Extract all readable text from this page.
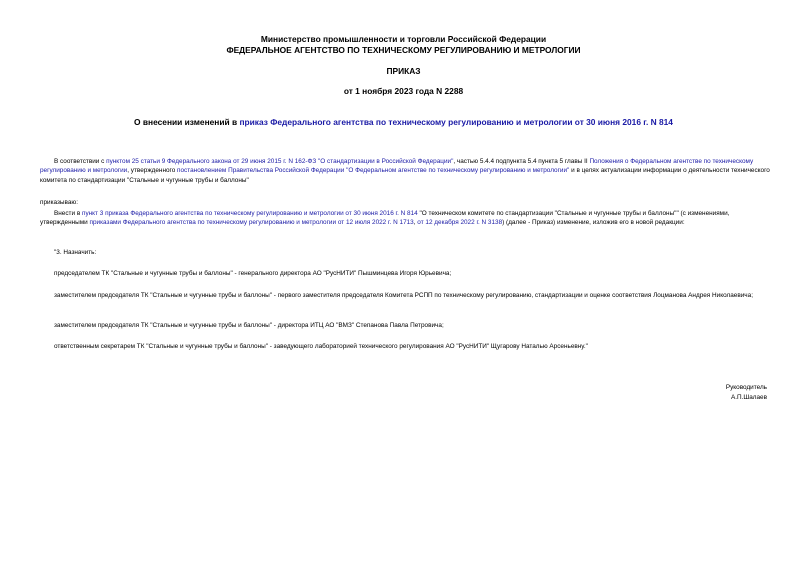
Министерство промышленности и торговли Российской Федерации
ФЕДЕРАЛЬНОЕ АГЕНТСТВО ПО ТЕХНИЧЕСКОМУ РЕГУЛИРОВАНИЮ И МЕТРОЛОГИИ
ПРИКАЗ
от 1 ноября 2023 года N 2288
О внесении изменений в приказ Федерального агентства по техническому регулированию и метрологии от 30 июня 2016 г. N 814
В соответствии с пунктом 25 статьи 9 Федерального закона от 29 июня 2015 г. N 162-ФЗ "О стандартизации в Российской Федерации", частью 5.4.4 подпункта 5.4 пункта 5 главы II Положения о Федеральном агентстве по техническому регулированию и метрологии, утвержденного постановлением Правительства Российской Федерации "О Федеральном агентстве по техническому регулированию и метрологии" и в целях актуализации информации о деятельности технического комитета по стандартизации "Стальные и чугунные трубы и баллоны"
приказываю:
Внести в пункт 3 приказа Федерального агентства по техническому регулированию и метрологии от 30 июня 2016 г. N 814 "О техническом комитете по стандартизации "Стальные и чугунные трубы и баллоны"" (с изменениями, утвержденными приказами Федерального агентства по техническому регулированию и метрологии от 12 июля 2022 г. N 1713, от 12 декабря 2022 г. N 3138) (далее - Приказ) изменение, изложив его в новой редакции:
"3. Назначить:
председателем ТК "Стальные и чугунные трубы и баллоны" - генерального директора АО "РусНИТИ" Пышминцева Игоря Юрьевича;
заместителем председателя ТК "Стальные и чугунные трубы и баллоны" - первого заместителя председателя Комитета РСПП по техническому регулированию, стандартизации и оценке соответствия Лоцманова Андрея Николаевича;
заместителем председателя ТК "Стальные и чугунные трубы и баллоны" - директора ИТЦ АО "ВМЗ" Степанова Павла Петровича;
ответственным секретарем ТК "Стальные и чугунные трубы и баллоны" - заведующего лабораторией технического регулирования АО "РусНИТИ" Щугарову Наталью Арсеньевну."
Руководитель
А.П.Шалаев
